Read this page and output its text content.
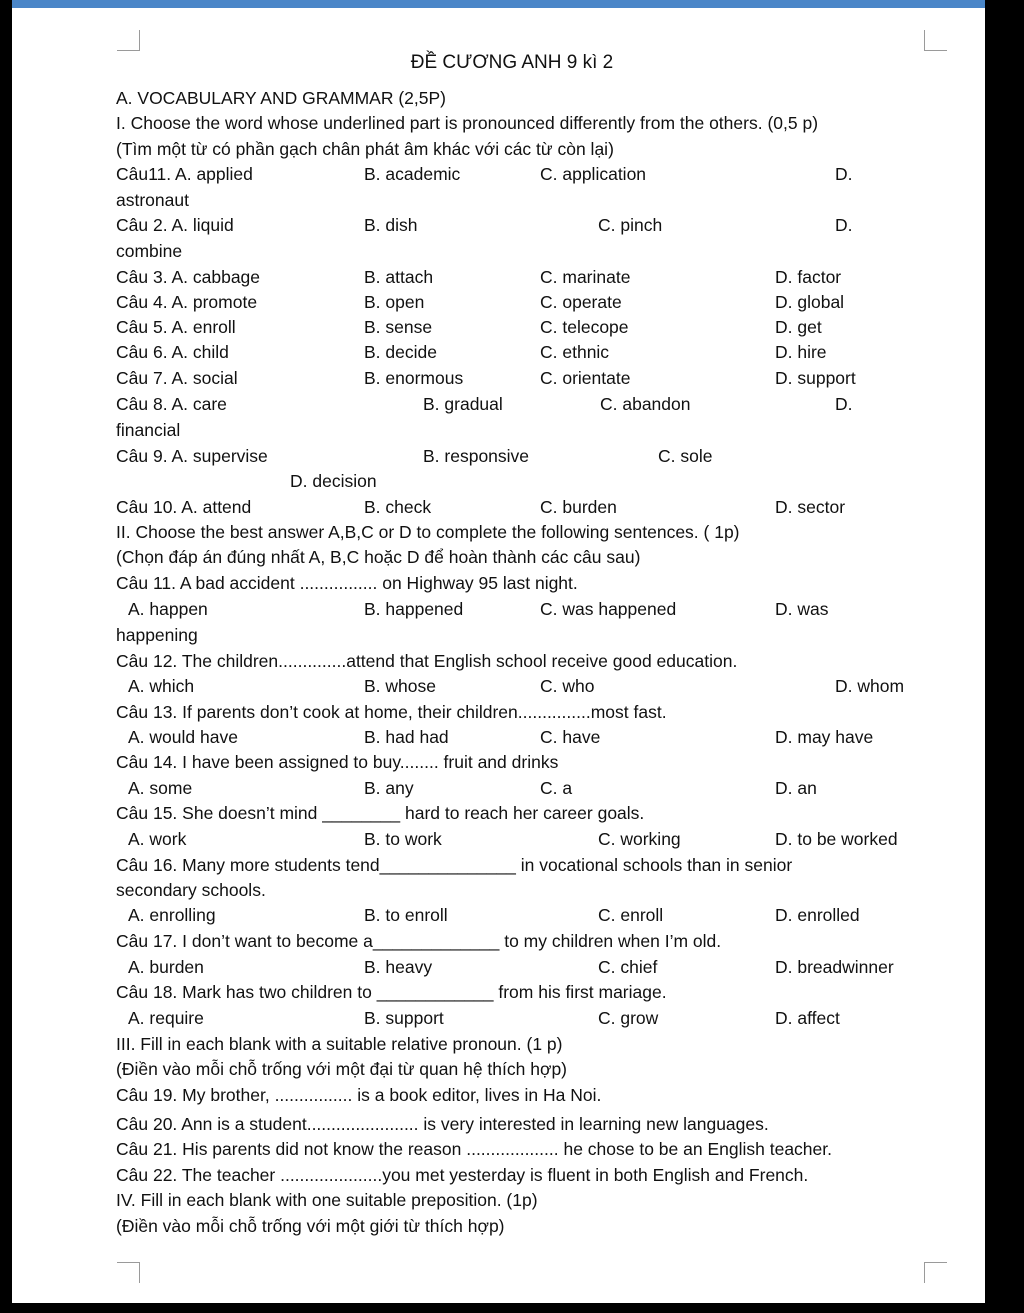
ĐỀ CƯƠNG ANH 9 kì 2
A. VOCABULARY AND GRAMMAR (2,5P)
I. Choose the word whose underlined part is pronounced differently from the others. (0,5 p)
(Tìm một từ có phần gạch chân phát âm khác với các từ còn lại)
Câu11. A. applied	B. academic	C. application	D.
astronaut
Câu 2. A. liquid	B. dish	C. pinch	D.
combine
Câu 3. A. cabbage	B. attach	C. marinate	D. factor
Câu 4. A. promote	B. open	C. operate	D. global
Câu 5. A. enroll	B. sense	C. telecope	D. get
Câu 6. A. child	B. decide	C. ethnic	D. hire
Câu 7. A. social	B. enormous	C. orientate	D. support
Câu 8. A. care	B. gradual	C. abandon	D.
financial
Câu 9. A. supervise	B. responsive	C. sole
D. decision
Câu 10. A. attend	B. check	C. burden	D. sector
II. Choose the best answer A,B,C or D to complete the following sentences. ( 1p)
(Chọn đáp án đúng nhất A, B,C hoặc D để hoàn thành các câu sau)
Câu 11. A bad accident ................ on Highway 95 last night.
A. happen	B. happened	C. was happened	D. was
happening
Câu 12. The children..............attend that English school receive good education.
A. which	B. whose	C. who	D. whom
Câu 13. If parents don’t cook at home, their children...............most fast.
A. would have	B. had had	C. have	D. may have
Câu 14. I have been assigned to buy........ fruit and drinks
A. some	B. any	C. a	D. an
Câu 15. She doesn’t mind ________ hard to reach her career goals.
A. work	B. to work	C. working	D. to be worked
Câu 16. Many more students tend______________ in vocational schools than in senior
secondary schools.
A. enrolling	B. to enroll	C. enroll	D. enrolled
Câu 17. I don’t want to become a_____________ to my children when I’m old.
A. burden	B. heavy	C. chief	D. breadwinner
Câu 18. Mark has two children to ____________ from his first mariage.
A. require	B. support	C. grow	D. affect
III. Fill in each blank with a suitable relative pronoun. (1 p)
(Điền vào mỗi chỗ trống với một đại từ quan hệ thích hợp)
Câu 19. My brother, ................ is a book editor, lives in Ha Noi.
Câu 20. Ann is a student....................... is very interested in learning new languages.
Câu 21. His parents did not know the reason ................... he chose to be an English teacher.
Câu 22. The teacher .....................you met yesterday is fluent in both English and French.
IV. Fill in each blank with one suitable preposition. (1p)
(Điền vào mỗi chỗ trống với một giới từ thích hợp)
